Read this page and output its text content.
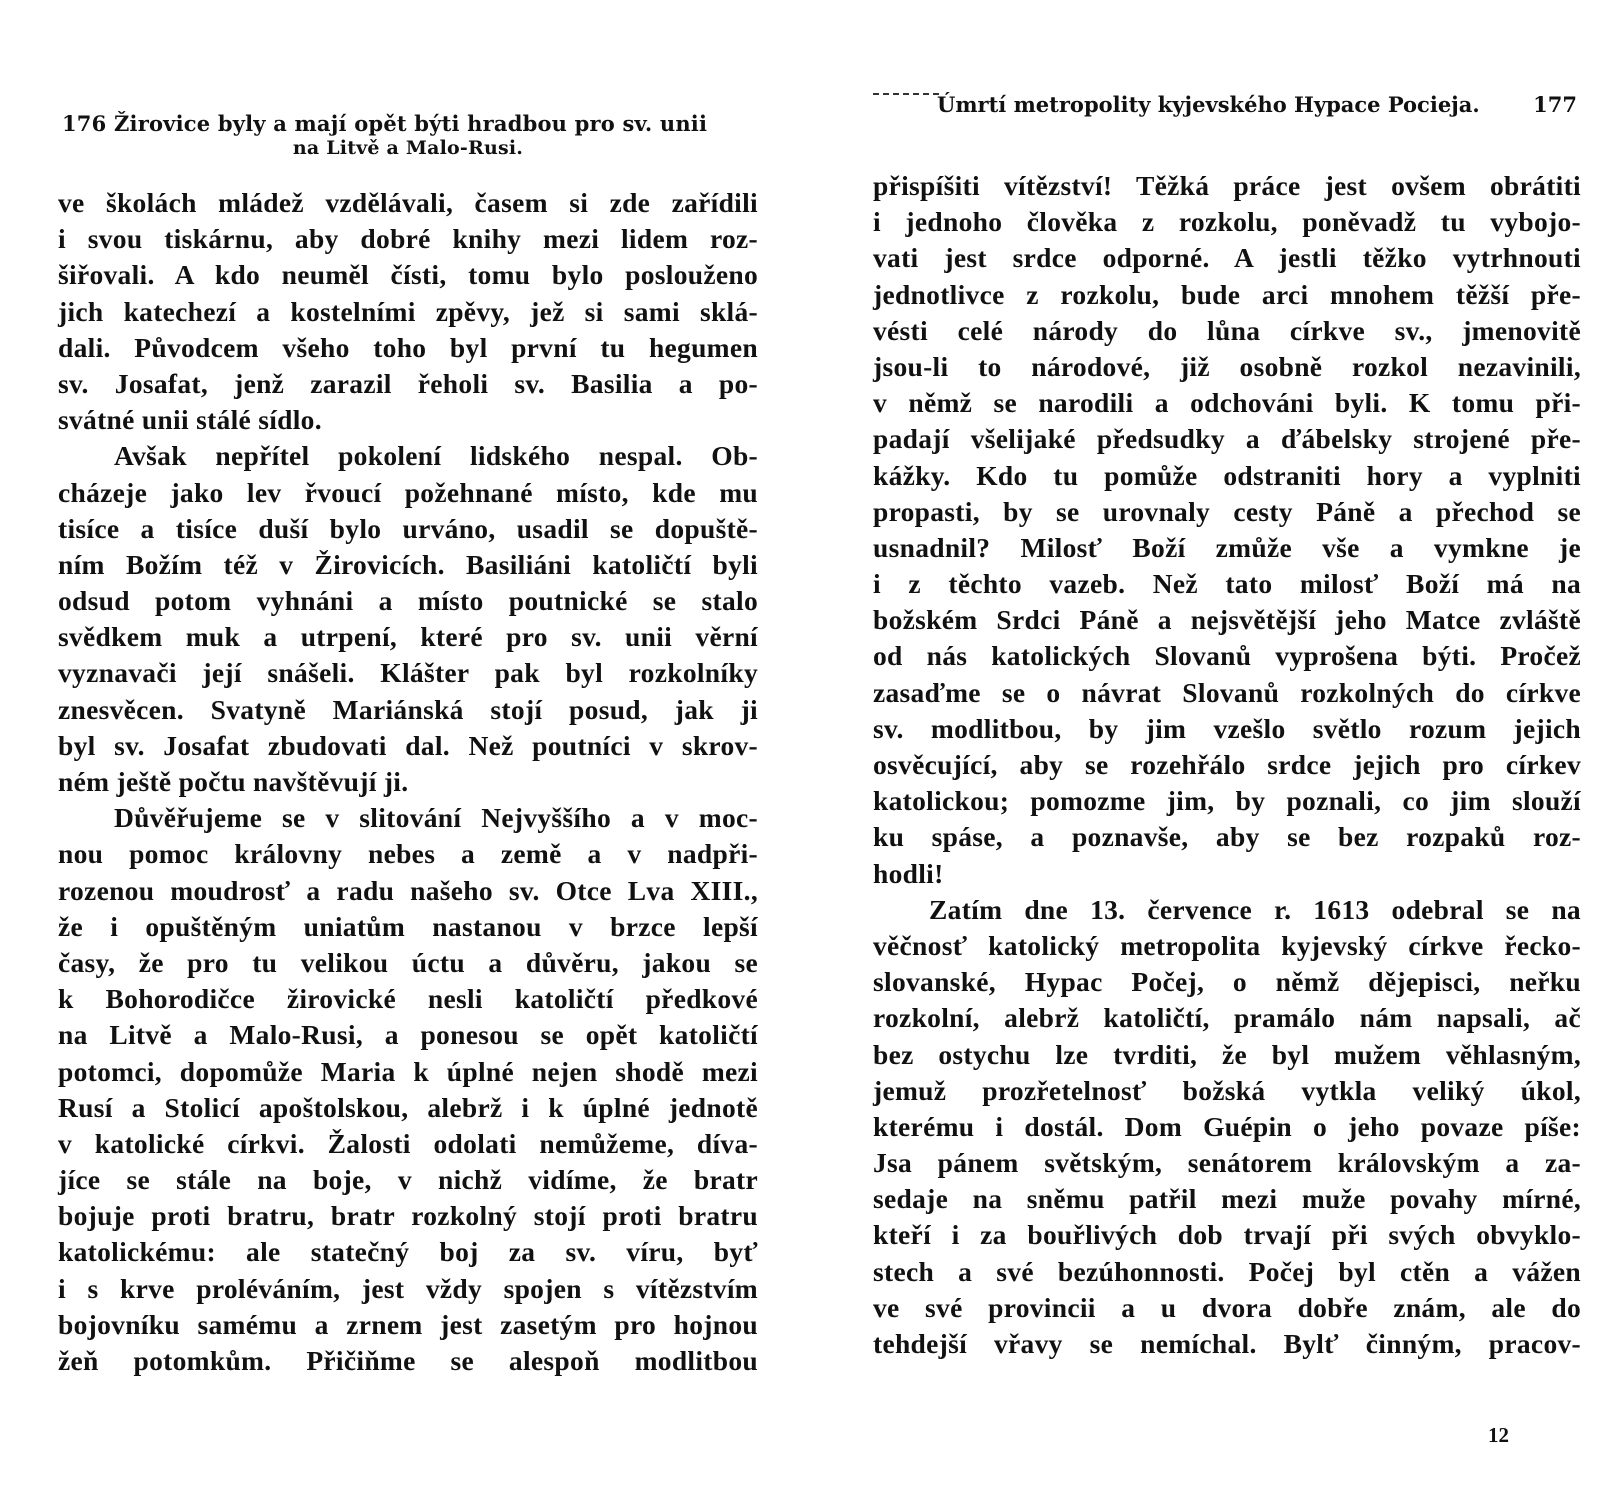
176 Žirovice byly a mají opět býti hradbou pro sv. unii
na Litvě a Malo-Rusi.
ve školách mládež vzdělávali, časem si zde zařídili
i svou tiskárnu, aby dobré knihy mezi lidem roz-
šiřovali. A kdo neuměl čísti, tomu bylo poslouženo
jich katechezí a kostelními zpěvy, jež si sami sklá-
dali. Původcem všeho toho byl první tu hegumen
sv. Josafat, jenž zarazil řeholi sv. Basilia a po-
svátné unii stálé sídlo.
Avšak nepřítel pokolení lidského nespal. Ob-
cházeje jako lev řvoucí požehnané místo, kde mu
tisíce a tisíce duší bylo urváno, usadil se dopuště-
ním Božím též v Žirovicích. Basiliáni katoličtí byli
odsud potom vyhnáni a místo poutnické se stalo
svědkem muk a utrpení, které pro sv. unii věrní
vyznavači její snášeli. Klášter pak byl rozkolníky
znesvěcen. Svatyně Mariánská stojí posud, jak ji
byl sv. Josafat zbudovati dal. Než poutníci v skrov-
ném ještě počtu navštěvují ji.
Důvěřujeme se v slitování Nejvyššího a v moc-
nou pomoc královny nebes a země a v nadpři-
rozenou moudrosť a radu našeho sv. Otce Lva XIII.,
že i opuštěným uniatům nastanou v brzce lepší
časy, že pro tu velikou úctu a důvěru, jakou se
k Bohorodičce žirovické nesli katoličtí předkové
na Litvě a Malo-Rusi, a ponesou se opět katoličtí
potomci, dopomůže Maria k úplné nejen shodě mezi
Rusí a Stolicí apoštolskou, alebrž i k úplné jednotě
v katolické církvi. Žalosti odolati nemůžeme, díva-
jíce se stále na boje, v nichž vidíme, že bratr
bojuje proti bratru, bratr rozkolný stojí proti bratru
katolickému: ale statečný boj za sv. víru, byť
i s krve proléváním, jest vždy spojen s vítězstvím
bojovníku samému a zrnem jest zasetým pro hojnou
žeň potomkům. Přičiňme se alespoň modlitbou
Úmrtí metropolity kyjevského Hypace Pocieja.	177
přispíšiti vítězství! Těžká práce jest ovšem obrátiti
i jednoho člověka z rozkolu, poněvadž tu vybojo-
vati jest srdce odporné. A jestli těžko vytrhnouti
jednotlivce z rozkolu, bude arci mnohem těžší pře-
vésti celé národy do lůna církve sv., jmenovitě
jsou-li to národové, již osobně rozkol nezavinili,
v němž se narodili a odchováni byli. K tomu při-
padají všelijaké předsudky a ďábelsky strojené pře-
kážky. Kdo tu pomůže odstraniti hory a vyplniti
propasti, by se urovnaly cesty Páně a přechod se
usnadnil? Milosť Boží zmůže vše a vymkne je
i z těchto vazeb. Než tato milosť Boží má na
božském Srdci Páně a nejsvětější jeho Matce zvláště
od nás katolických Slovanů vyprošena býti. Pročež
zasaďme se o návrat Slovanů rozkolných do církve
sv. modlitbou, by jim vzešlo světlo rozum jejich
osvěcující, aby se rozehřálo srdce jejich pro církev
katolickou; pomozme jim, by poznali, co jim slouží
ku spáse, a poznavše, aby se bez rozpaků roz-
hodli!
Zatím dne 13. července r. 1613 odebral se na
věčnosť katolický metropolita kyjevský církve řecko-
slovanské, Hypac Počej, o němž dějepisci, neřku
rozkolní, alebrž katoličtí, pramálo nám napsali, ač
bez ostychu lze tvrditi, že byl mužem věhlasným,
jemuž prozřetelnosť božská vytkla veliký úkol,
kterému i dostál. Dom Guépin o jeho povaze píše:
Jsa pánem světským, senátorem královským a za-
sedaje na sněmu patřil mezi muže povahy mírné,
kteří i za bouřlivých dob trvají při svých obvyklo-
stech a své bezúhonnosti. Počej byl ctěn a vážen
ve své provincii a u dvora dobře znám, ale do
tehdejší vřavy se nemíchal. Bylť činným, pracov-
12
